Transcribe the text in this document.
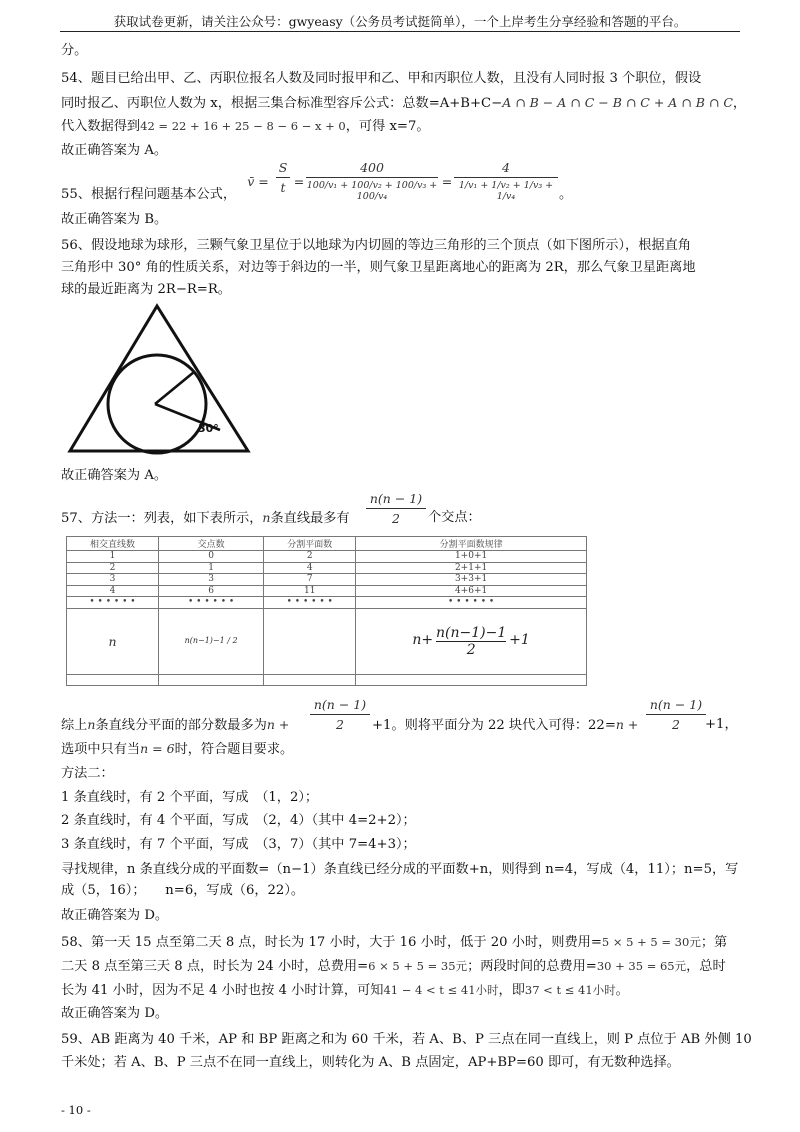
获取试卷更新，请关注公众号：gwyeasy（公务员考试挺简单），一个上岸考生分享经验和答题的平台。
分。
54、题目已给出甲、乙、丙职位报名人数及同时报甲和乙、甲和丙职位人数，且没有人同时报 3 个职位，假设
同时报乙、丙职位人数为 x，根据三集合标准型容斥公式：总数=A+B+C−A ∩ B − A ∩ C − B ∩ C + A ∩ B ∩ C，
代入数据得到42 = 22 + 16 + 25 − 8 − 6 − x + 0，可得 x=7。
故正确答案为 A。
55、根据行程问题基本公式，
v̄ =
S
t =
400
100/v₁ + 100/v₂ + 100/v₃ + 100/v₄
=
4
1/v₁ + 1/v₂ + 1/v₃ + 1/v₄	。
故正确答案为 B。
56、假设地球为球形，三颗气象卫星位于以地球为内切圆的等边三角形的三个顶点（如下图所示），根据直角
三角形中 30° 角的性质关系，对边等于斜边的一半，则气象卫星距离地心的距离为 2R，那么气象卫星距离地
球的最近距离为 2R−R=R。
30°
故正确答案为 A。
57、方法一：列表，如下表所示，n条直线最多有
n(n − 1)
2	个交点：
相交直线数	交点数	分割平面数	分割平面数规律
1	0	2	1+0+1
2	1	4	2+1+1
3	3	7	3+3+1
4	6	11	4+6+1
• • • • • •	• • • • • •	• • • • • •	• • • • • •
n	n(n−1)−1 / 2		$n+ \frac{n(n-1)-1}{2} +1$

综上n条直线分平面的部分数最多为n +
n(n − 1)
2	+1。则将平面分为 22 块代入可得：22=n +
n(n − 1)
2	+1，
选项中只有当n = 6时，符合题目要求。
方法二：
1 条直线时，有 2 个平面，写成　（1，2）；
2 条直线时，有 4 个平面，写成　（2，4）（其中 4=2+2）；
3 条直线时，有 7 个平面，写成　（3，7）（其中 7=4+3）；
寻找规律，n 条直线分成的平面数=（n−1）条直线已经分成的平面数+n，则得到 n=4，写成（4，11）；n=5，写
成（5，16）；　　n=6，写成（6，22）。
故正确答案为 D。
58、第一天 15 点至第二天 8 点，时长为 17 小时，大于 16 小时，低于 20 小时，则费用=5 × 5 + 5 = 30元；第
二天 8 点至第三天 8 点，时长为 24 小时，总费用=6 × 5 + 5 = 35元；两段时间的总费用=30 + 35 = 65元，总时
长为 41 小时，因为不足 4 小时也按 4 小时计算，可知41 − 4 < t ≤ 41小时，即37 < t ≤ 41小时。
故正确答案为 D。
59、AB 距离为 40 千米，AP 和 BP 距离之和为 60 千米，若 A、B、P 三点在同一直线上，则 P 点位于 AB 外侧 10
千米处；若 A、B、P 三点不在同一直线上，则转化为 A、B 点固定，AP+BP=60 即可，有无数种选择。
- 10 -
